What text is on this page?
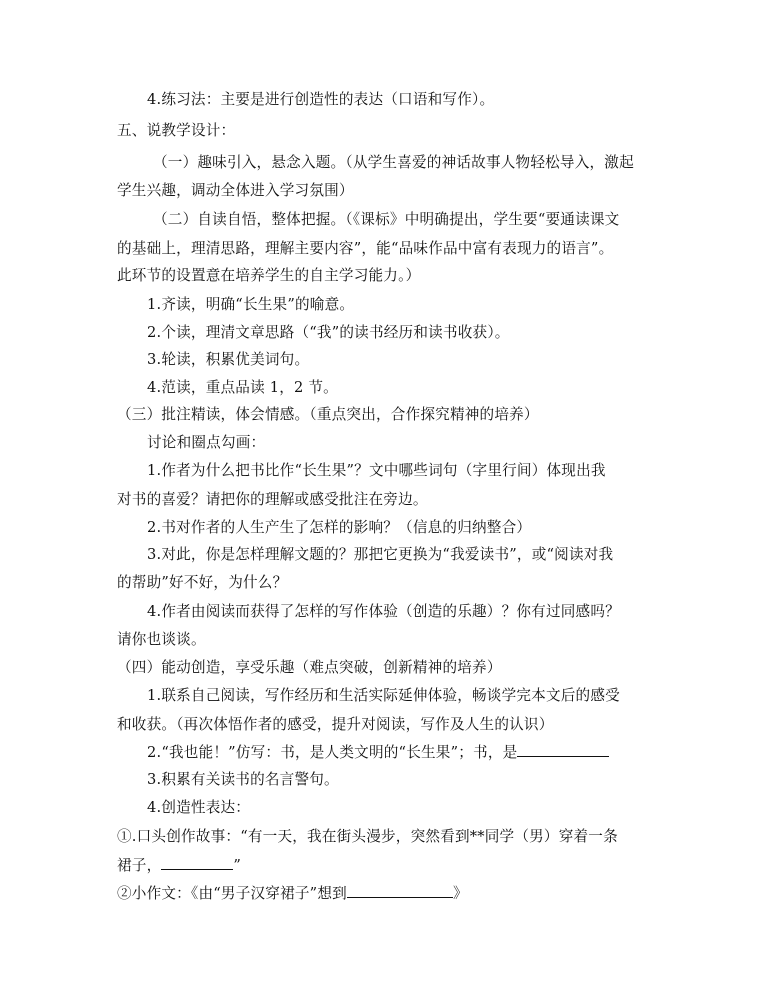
4.练习法：主要是进行创造性的表达（口语和写作）。
五、说教学设计：
（一）趣味引入，悬念入题。（从学生喜爱的神话故事人物轻松导入，激起
学生兴趣，调动全体进入学习氛围）
（二）自读自悟，整体把握。（《课标》中明确提出，学生要“要通读课文
的基础上，理清思路，理解主要内容”，能“品味作品中富有表现力的语言”。
此环节的设置意在培养学生的自主学习能力。）
1.齐读，明确“长生果”的喻意。
2.个读，理清文章思路（“我”的读书经历和读书收获）。
3.轮读，积累优美词句。
4.范读，重点品读 1，2 节。
（三）批注精读，体会情感。（重点突出，合作探究精神的培养）
讨论和圈点勾画：
1.作者为什么把书比作“长生果”？文中哪些词句（字里行间）体现出我
对书的喜爱？请把你的理解或感受批注在旁边。
2.书对作者的人生产生了怎样的影响？（信息的归纳整合）
3.对此，你是怎样理解文题的？那把它更换为“我爱读书”，或“阅读对我
的帮助”好不好，为什么？
4.作者由阅读而获得了怎样的写作体验（创造的乐趣）？你有过同感吗？
请你也谈谈。
（四）能动创造，享受乐趣（难点突破，创新精神的培养）
1.联系自己阅读，写作经历和生活实际延伸体验，畅谈学完本文后的感受
和收获。（再次体悟作者的感受，提升对阅读，写作及人生的认识）
2.“我也能！”仿写：书，是人类文明的“长生果”；书，是
3.积累有关读书的名言警句。
4.创造性表达：
①.口头创作故事：“有一天，我在街头漫步，突然看到**同学（男）穿着一条
裙子，	”
②小作文：《由“男子汉穿裙子”想到	》
